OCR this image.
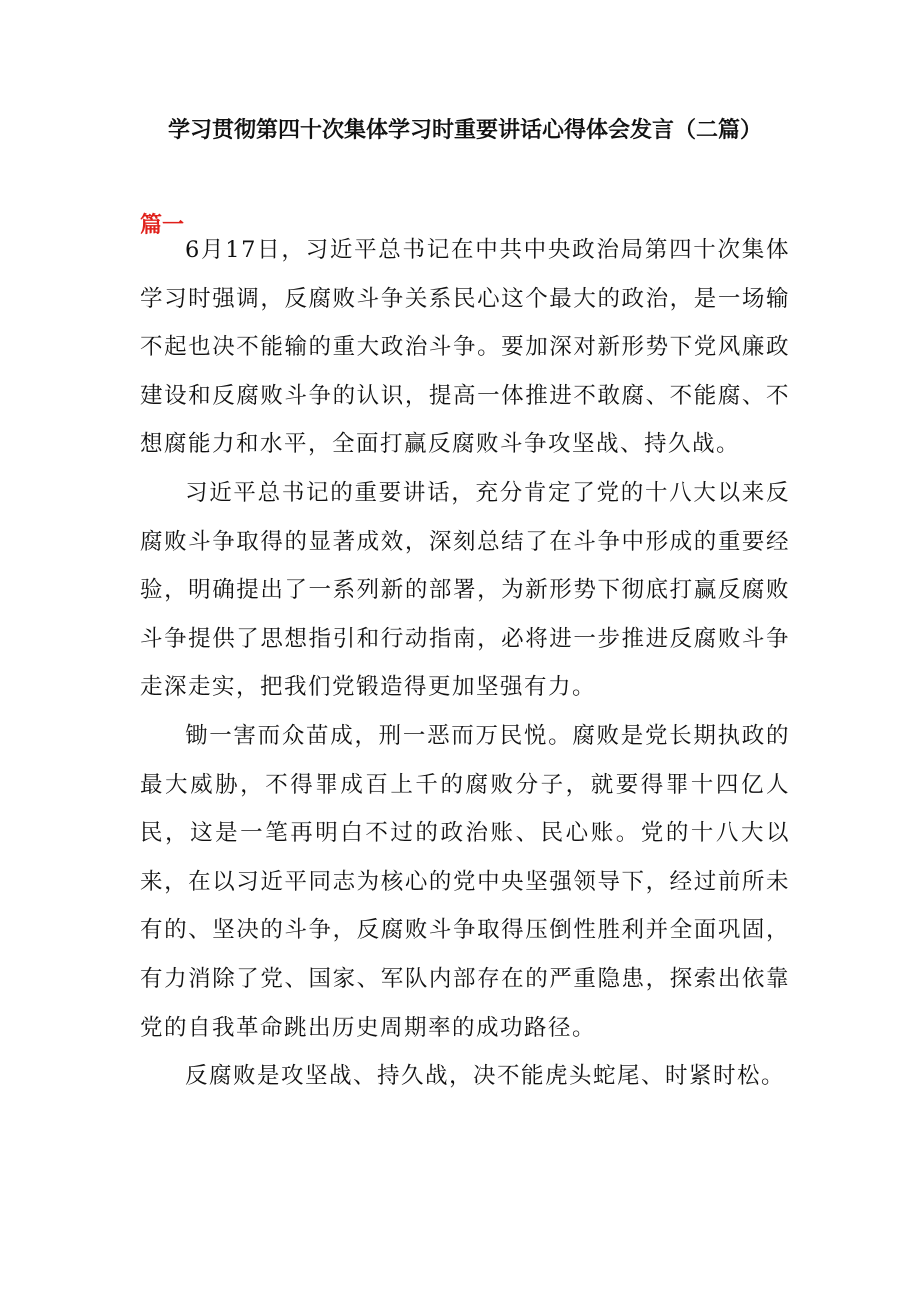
学习贯彻第四十次集体学习时重要讲话心得体会发言（二篇）
篇一

6月17日，习近平总书记在中共中央政治局第四十次集体学习时强调，反腐败斗争关系民心这个最大的政治，是一场输不起也决不能输的重大政治斗争。要加深对新形势下党风廉政建设和反腐败斗争的认识，提高一体推进不敢腐、不能腐、不想腐能力和水平，全面打赢反腐败斗争攻坚战、持久战。

习近平总书记的重要讲话，充分肯定了党的十八大以来反腐败斗争取得的显著成效，深刻总结了在斗争中形成的重要经验，明确提出了一系列新的部署，为新形势下彻底打赢反腐败斗争提供了思想指引和行动指南，必将进一步推进反腐败斗争走深走实，把我们党锻造得更加坚强有力。

锄一害而众苗成，刑一恶而万民悦。腐败是党长期执政的最大威胁，不得罪成百上千的腐败分子，就要得罪十四亿人民，这是一笔再明白不过的政治账、民心账。党的十八大以来，在以习近平同志为核心的党中央坚强领导下，经过前所未有的、坚决的斗争，反腐败斗争取得压倒性胜利并全面巩固，有力消除了党、国家、军队内部存在的严重隐患，探索出依靠党的自我革命跳出历史周期率的成功路径。

反腐败是攻坚战、持久战，决不能虎头蛇尾、时紧时松。
